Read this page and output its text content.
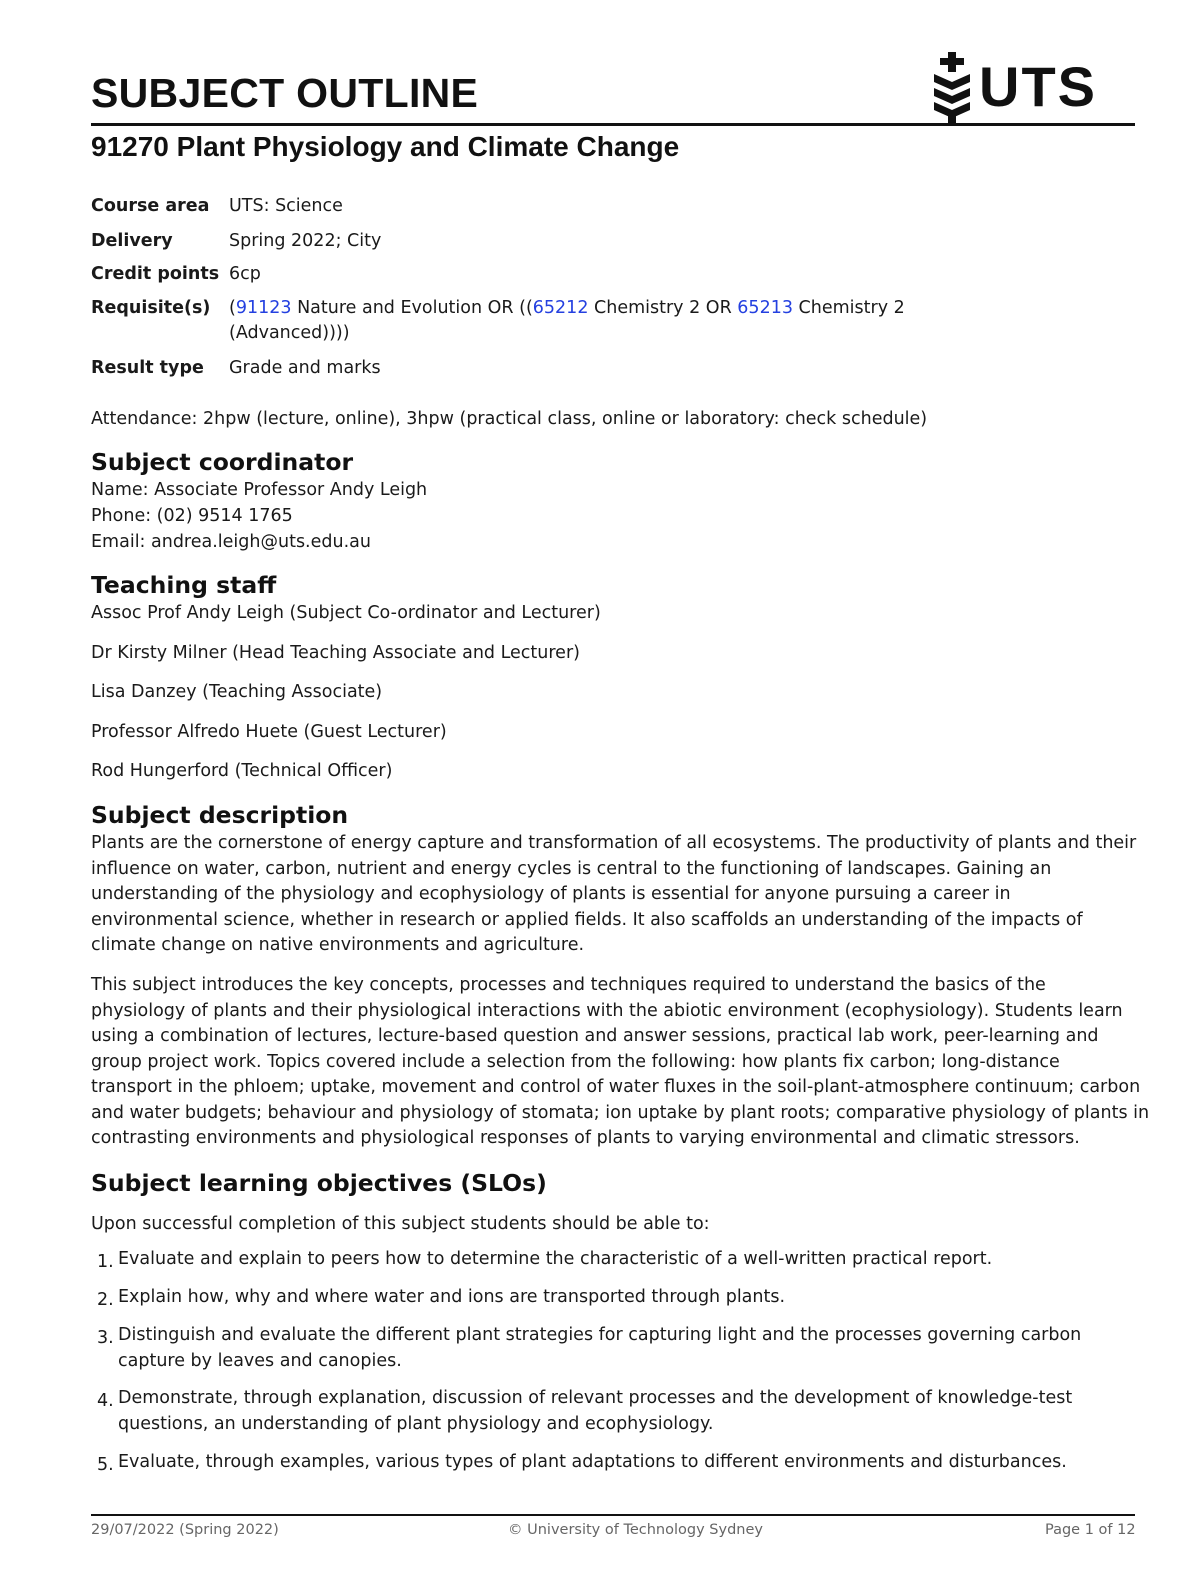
SUBJECT OUTLINE	UTS
91270 Plant Physiology and Climate Change
Course area UTS: Science
Delivery	Spring 2022; City
Credit points 6cp
Requisite(s) (91123 Nature and Evolution OR ((65212 Chemistry 2 OR 65213 Chemistry 2
(Advanced))))
Result type Grade and marks
Attendance: 2hpw (lecture, online), 3hpw (practical class, online or laboratory: check schedule)
Subject coordinator
Name: Associate Professor Andy Leigh
Phone: (02) 9514 1765
Email: andrea.leigh@uts.edu.au
Teaching staff
Assoc Prof Andy Leigh (Subject Co-ordinator and Lecturer)
Dr Kirsty Milner (Head Teaching Associate and Lecturer)
Lisa Danzey (Teaching Associate)
Professor Alfredo Huete (Guest Lecturer)
Rod Hungerford (Technical Officer)
Subject description
Plants are the cornerstone of energy capture and transformation of all ecosystems. The productivity of plants and their
influence on water, carbon, nutrient and energy cycles is central to the functioning of landscapes. Gaining an
understanding of the physiology and ecophysiology of plants is essential for anyone pursuing a career in
environmental science, whether in research or applied fields. It also scaffolds an understanding of the impacts of
climate change on native environments and agriculture.
This subject introduces the key concepts, processes and techniques required to understand the basics of the
physiology of plants and their physiological interactions with the abiotic environment (ecophysiology). Students learn
using a combination of lectures, lecture-based question and answer sessions, practical lab work, peer-learning and
group project work. Topics covered include a selection from the following: how plants fix carbon; long-distance
transport in the phloem; uptake, movement and control of water fluxes in the soil-plant-atmosphere continuum; carbon
and water budgets; behaviour and physiology of stomata; ion uptake by plant roots; comparative physiology of plants in
contrasting environments and physiological responses of plants to varying environmental and climatic stressors.
Subject learning objectives (SLOs)
Upon successful completion of this subject students should be able to:
1. Evaluate and explain to peers how to determine the characteristic of a well-written practical report.
2. Explain how, why and where water and ions are transported through plants.
3. Distinguish and evaluate the different plant strategies for capturing light and the processes governing carbon
capture by leaves and canopies.
4. Demonstrate, through explanation, discussion of relevant processes and the development of knowledge-test
questions, an understanding of plant physiology and ecophysiology.
5. Evaluate, through examples, various types of plant adaptations to different environments and disturbances.
29/07/2022 (Spring 2022)	© University of Technology Sydney	Page 1 of 12
